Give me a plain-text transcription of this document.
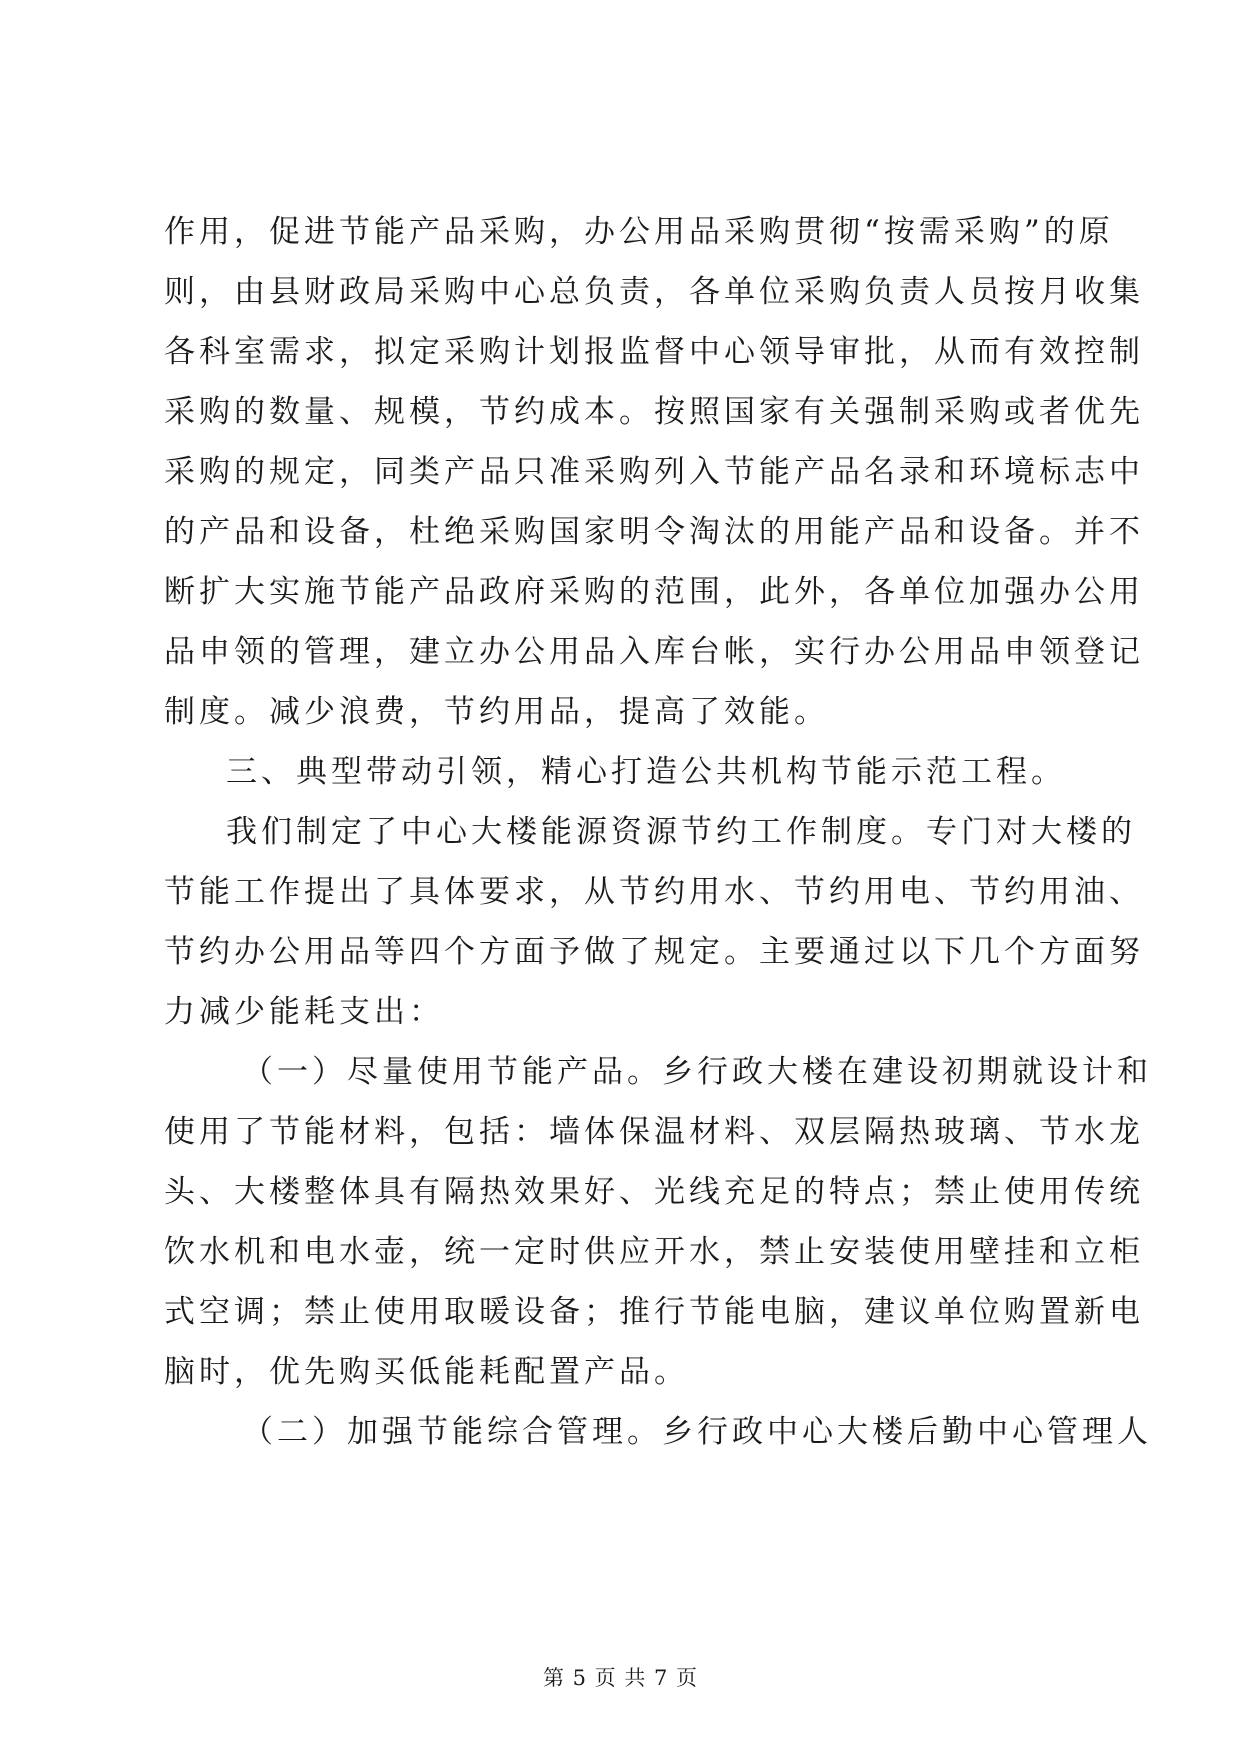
作用，促进节能产品采购，办公用品采购贯彻“按需采购”的原
则，由县财政局采购中心总负责，各单位采购负责人员按月收集
各科室需求，拟定采购计划报监督中心领导审批，从而有效控制
采购的数量、规模，节约成本。按照国家有关强制采购或者优先
采购的规定，同类产品只准采购列入节能产品名录和环境标志中
的产品和设备，杜绝采购国家明令淘汰的用能产品和设备。并不
断扩大实施节能产品政府采购的范围，此外，各单位加强办公用
品申领的管理，建立办公用品入库台帐，实行办公用品申领登记
制度。减少浪费，节约用品，提高了效能。
三、典型带动引领，精心打造公共机构节能示范工程。
我们制定了中心大楼能源资源节约工作制度。专门对大楼的
节能工作提出了具体要求，从节约用水、节约用电、节约用油、
节约办公用品等四个方面予做了规定。主要通过以下几个方面努
力减少能耗支出：
（一）尽量使用节能产品。乡行政大楼在建设初期就设计和
使用了节能材料，包括：墙体保温材料、双层隔热玻璃、节水龙
头、大楼整体具有隔热效果好、光线充足的特点；禁止使用传统
饮水机和电水壶，统一定时供应开水，禁止安装使用壁挂和立柜
式空调；禁止使用取暖设备；推行节能电脑，建议单位购置新电
脑时，优先购买低能耗配置产品。
（二）加强节能综合管理。乡行政中心大楼后勤中心管理人
第 5 页 共 7 页
